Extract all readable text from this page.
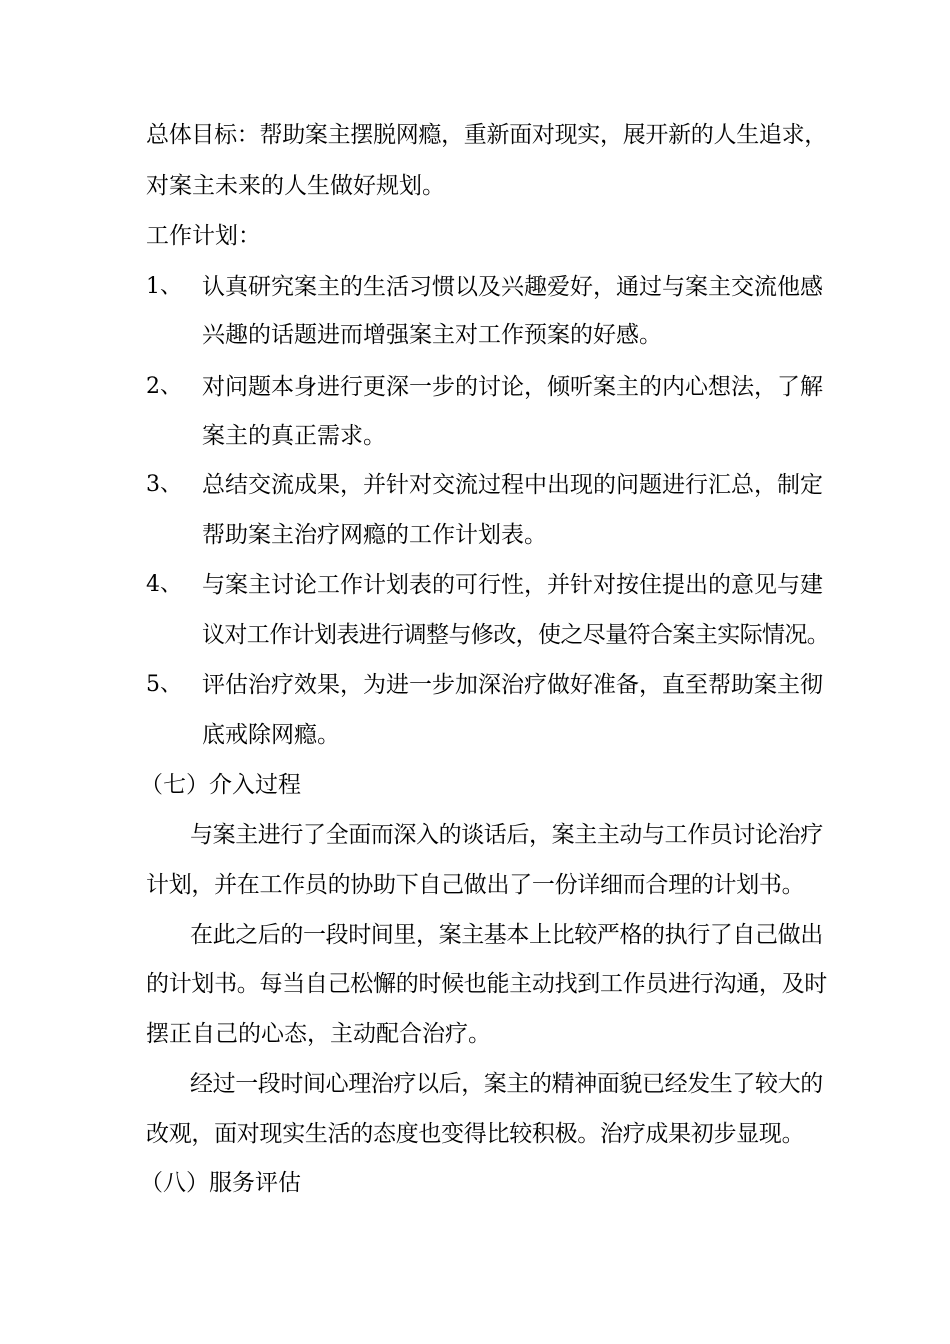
总体目标：帮助案主摆脱网瘾，重新面对现实，展开新的人生追求，
对案主未来的人生做好规划。
工作计划：
1、 认真研究案主的生活习惯以及兴趣爱好，通过与案主交流他感
兴趣的话题进而增强案主对工作预案的好感。
2、 对问题本身进行更深一步的讨论，倾听案主的内心想法，了解
案主的真正需求。
3、 总结交流成果，并针对交流过程中出现的问题进行汇总，制定
帮助案主治疗网瘾的工作计划表。
4、 与案主讨论工作计划表的可行性，并针对按住提出的意见与建
议对工作计划表进行调整与修改，使之尽量符合案主实际情况。
5、 评估治疗效果，为进一步加深治疗做好准备，直至帮助案主彻
底戒除网瘾。
（七）介入过程
与案主进行了全面而深入的谈话后，案主主动与工作员讨论治疗
计划，并在工作员的协助下自己做出了一份详细而合理的计划书。
在此之后的一段时间里，案主基本上比较严格的执行了自己做出
的计划书。每当自己松懈的时候也能主动找到工作员进行沟通，及时
摆正自己的心态，主动配合治疗。
经过一段时间心理治疗以后，案主的精神面貌已经发生了较大的
改观，面对现实生活的态度也变得比较积极。治疗成果初步显现。
（八）服务评估
